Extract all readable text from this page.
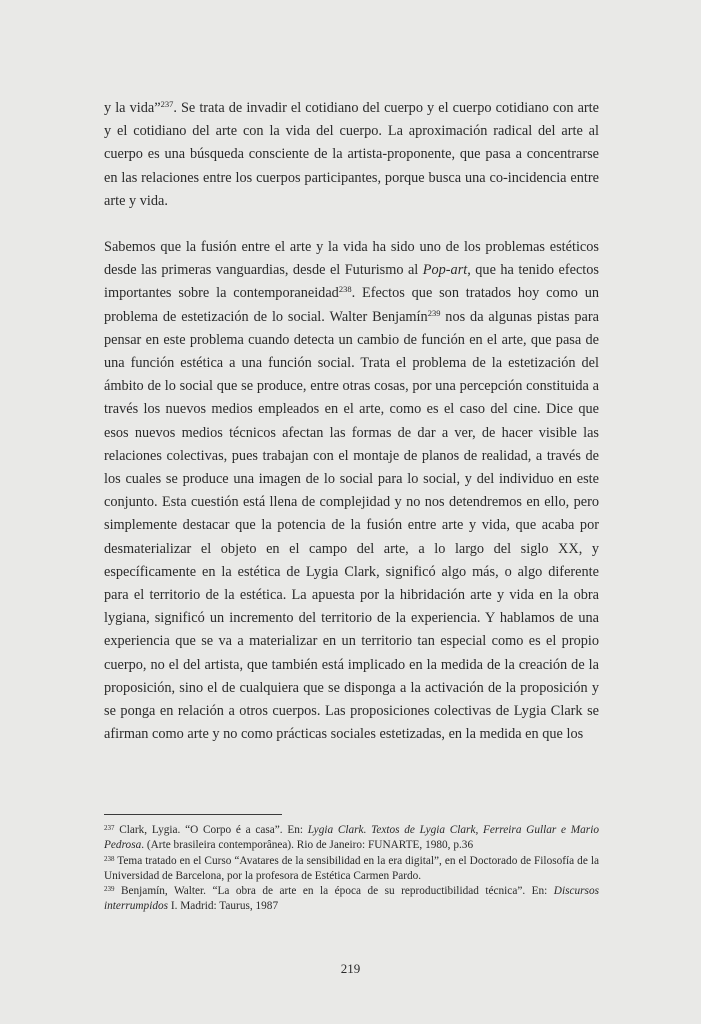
y la vida”$^{237}$. Se trata de invadir el cotidiano del cuerpo y el cuerpo cotidiano con arte y el cotidiano del arte con la vida del cuerpo. La aproximación radical del arte al cuerpo es una búsqueda consciente de la artista-proponente, que pasa a concentrarse en las relaciones entre los cuerpos participantes, porque busca una co-incidencia entre arte y vida.

Sabemos que la fusión entre el arte y la vida ha sido uno de los problemas estéticos desde las primeras vanguardias, desde el Futurismo al Pop-art, que ha tenido efectos importantes sobre la contemporaneidad$^{238}$. Efectos que son tratados hoy como un problema de estetización de lo social. Walter Benjamín$^{239}$ nos da algunas pistas para pensar en este problema cuando detecta un cambio de función en el arte, que pasa de una función estética a una función social. Trata el problema de la estetización del ámbito de lo social que se produce, entre otras cosas, por una percepción constituida a través los nuevos medios empleados en el arte, como es el caso del cine. Dice que esos nuevos medios técnicos afectan las formas de dar a ver, de hacer visible las relaciones colectivas, pues trabajan con el montaje de planos de realidad, a través de los cuales se produce una imagen de lo social para lo social, y del individuo en este conjunto. Esta cuestión está llena de complejidad y no nos detendremos en ello, pero simplemente destacar que la potencia de la fusión entre arte y vida, que acaba por desmaterializar el objeto en el campo del arte, a lo largo del siglo XX, y específicamente en la estética de Lygia Clark, significó algo más, o algo diferente para el territorio de la estética. La apuesta por la hibridación arte y vida en la obra lygiana, significó un incremento del territorio de la experiencia. Y hablamos de una experiencia que se va a materializar en un territorio tan especial como es el propio cuerpo, no el del artista, que también está implicado en la medida de la creación de la proposición, sino el de cualquiera que se disponga a la activación de la proposición y se ponga en relación a otros cuerpos. Las proposiciones colectivas de Lygia Clark se afirman como arte y no como prácticas sociales estetizadas, en la medida en que los

$^{237}$ Clark, Lygia. “O Corpo é a casa”. En: Lygia Clark. Textos de Lygia Clark, Ferreira Gullar e Mario Pedrosa. (Arte brasileira contemporânea). Rio de Janeiro: FUNARTE, 1980, p.36

$^{238}$ Tema tratado en el Curso “Avatares de la sensibilidad en la era digital”, en el Doctorado de Filosofía de la Universidad de Barcelona, por la profesora de Estética Carmen Pardo.

$^{239}$ Benjamín, Walter. “La obra de arte en la época de su reproductibilidad técnica”. En: Discursos interrumpidos I. Madrid: Taurus, 1987

219
